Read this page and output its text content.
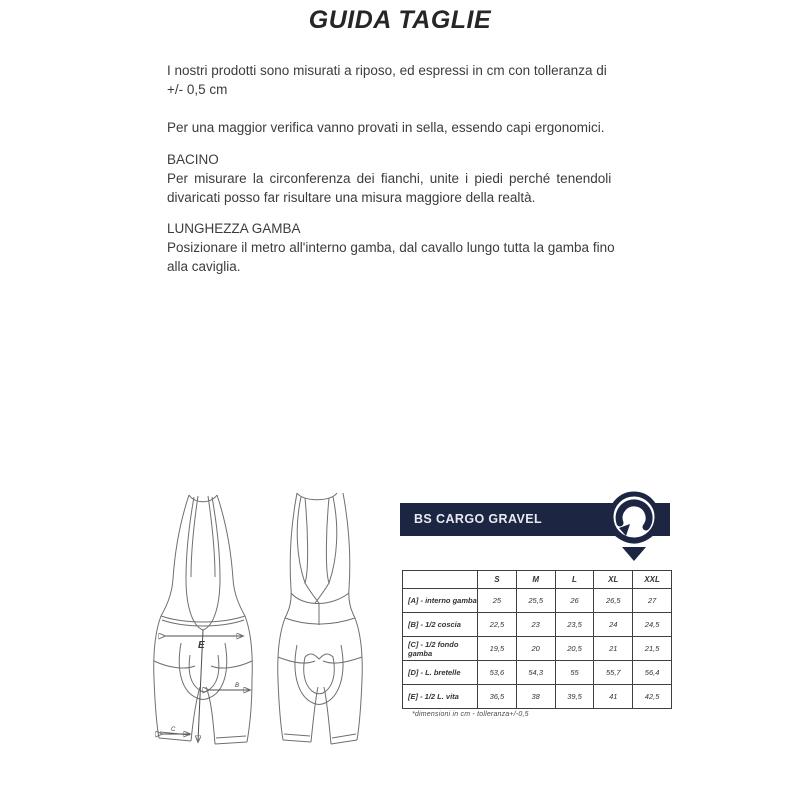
GUIDA TAGLIE
I nostri prodotti sono misurati a riposo, ed espressi in cm con tolleranza di
+/- 0,5 cm
Per una maggior verifica vanno provati in sella, essendo capi ergonomici.
BACINO
Per misurare la circonferenza dei fianchi, unite i piedi perché tenendoli
divaricati posso far risultare una misura maggiore della realtà.
LUNGHEZZA GAMBA
Posizionare il metro all'interno gamba, dal cavallo lungo tutta la gamba fino
alla caviglia.
E
B
C
BS CARGO GRAVEL
	S	M	L	XL	XXL
[A] - interno gamba	25	25,5	26	26,5	27
[B] - 1/2 coscia	22,5	23	23,5	24	24,5
[C] - 1/2 fondo gamba	19,5	20	20,5	21	21,5
[D] - L. bretelle	53,6	54,3	55	55,7	56,4
[E] - 1/2 L. vita	36,5	38	39,5	41	42,5
*dimensioni in cm - tolleranza+/-0,5
